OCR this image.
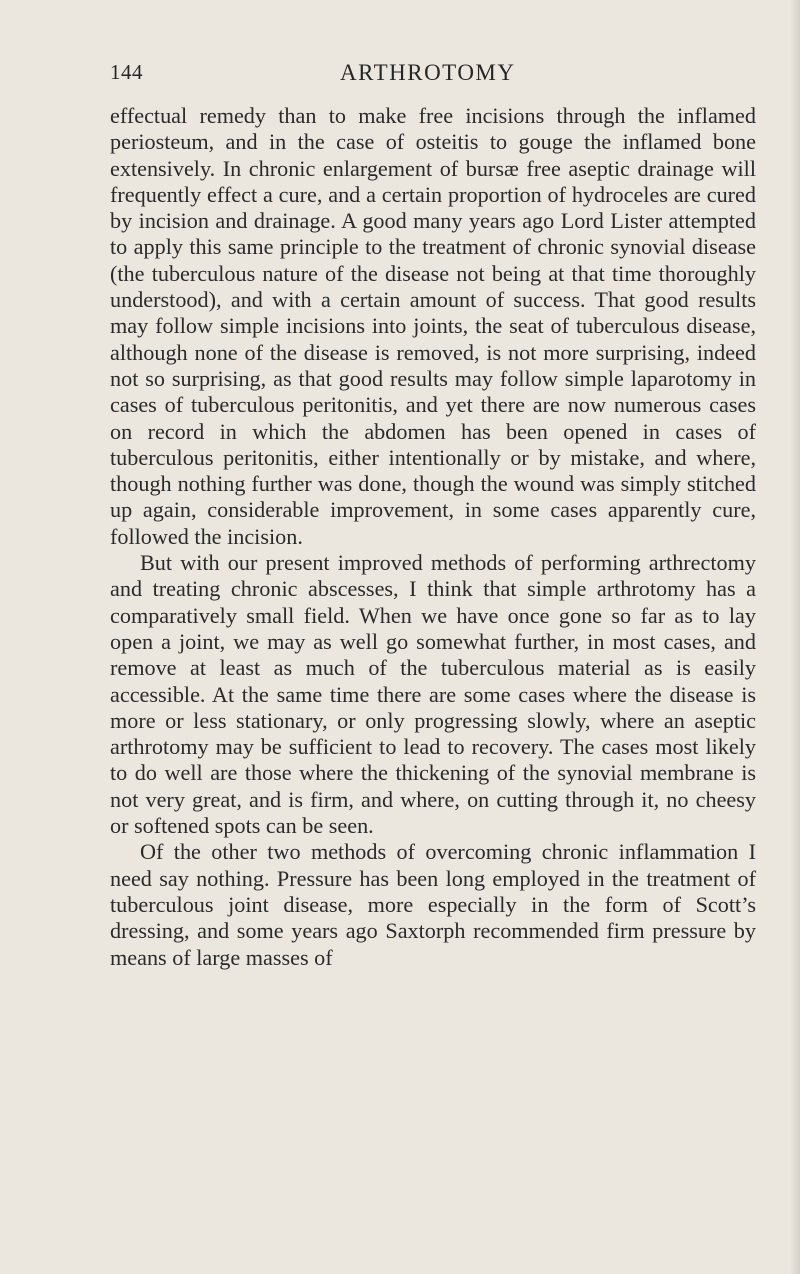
144	ARTHROTOMY

effectual remedy than to make free incisions through the inflamed periosteum, and in the case of osteitis to gouge the inflamed bone extensively. In chronic enlargement of bursæ free aseptic drainage will frequently effect a cure, and a certain proportion of hydroceles are cured by incision and drainage. A good many years ago Lord Lister attempted to apply this same principle to the treatment of chronic synovial disease (the tuberculous nature of the disease not being at that time thoroughly understood), and with a certain amount of success. That good results may follow simple incisions into joints, the seat of tuberculous disease, although none of the disease is removed, is not more surprising, indeed not so surprising, as that good results may follow simple laparotomy in cases of tuberculous peritonitis, and yet there are now numerous cases on record in which the abdomen has been opened in cases of tuberculous peritonitis, either intentionally or by mistake, and where, though nothing further was done, though the wound was simply stitched up again, considerable improvement, in some cases apparently cure, followed the incision.

But with our present improved methods of performing arthrectomy and treating chronic abscesses, I think that simple arthrotomy has a comparatively small field. When we have once gone so far as to lay open a joint, we may as well go somewhat further, in most cases, and remove at least as much of the tuberculous material as is easily accessible. At the same time there are some cases where the disease is more or less stationary, or only progressing slowly, where an aseptic arthrotomy may be sufficient to lead to recovery. The cases most likely to do well are those where the thickening of the synovial membrane is not very great, and is firm, and where, on cutting through it, no cheesy or softened spots can be seen.

Of the other two methods of overcoming chronic inflammation I need say nothing. Pressure has been long employed in the treatment of tuberculous joint disease, more especially in the form of Scott’s dressing, and some years ago Saxtorph recommended firm pressure by means of large masses of
